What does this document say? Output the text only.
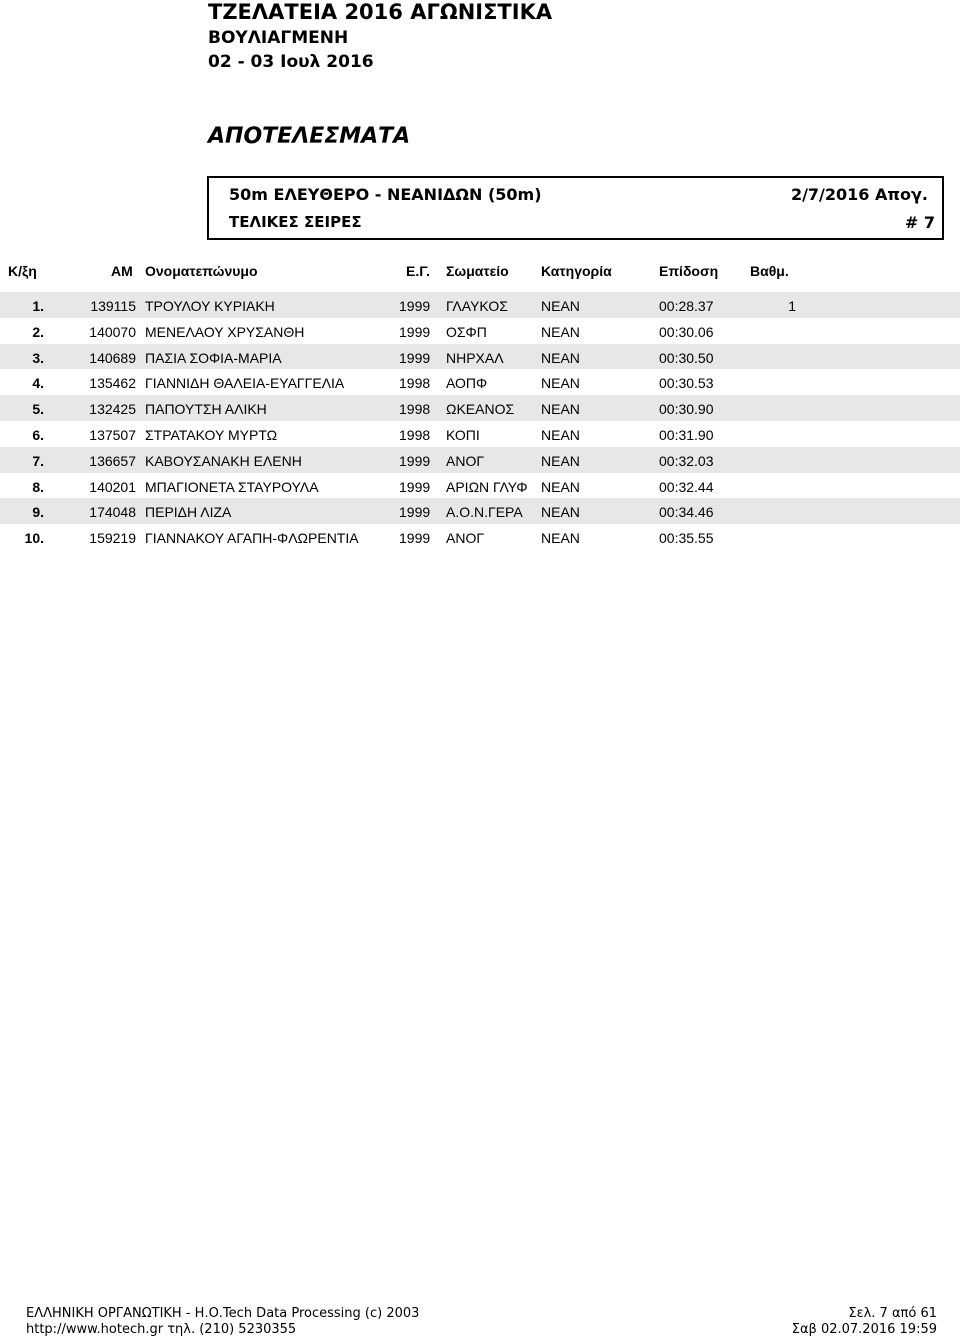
ΤΖΕΛΑΤΕΙΑ 2016 ΑΓΩΝΙΣΤΙΚΑ
ΒΟΥΛΙΑΓΜΕΝΗ
02 - 03 Ιουλ 2016
ΑΠΟΤΕΛΕΣΜΑΤΑ
50m ΕΛΕΥΘΕΡΟ - ΝΕΑΝΙΔΩΝ (50m)	2/7/2016 Απογ.
ΤΕΛΙΚΕΣ ΣΕΙΡΕΣ	# 7
Κ/ξη	ΑΜ Ονοματεπώνυμο	Ε.Γ. Σωματείο Κατηγορία	Επίδοση Βαθμ.
1.	139115 ΤΡΟΥΛΟΥ ΚΥΡΙΑΚΗ	1999 ΓΛΑΥΚΟΣ ΝΕΑΝ	00:28.37	1
2.	140070 ΜΕΝΕΛΑΟΥ ΧΡΥΣΑΝΘΗ	1999 ΟΣΦΠ	ΝΕΑΝ	00:30.06
3.	140689 ΠΑΣΙΑ ΣΟΦΙΑ-ΜΑΡΙΑ	1999 ΝΗΡΧΑΛ	ΝΕΑΝ	00:30.50
4.	135462 ΓΙΑΝΝΙΔΗ ΘΑΛΕΙΑ-ΕΥΑΓΓΕΛΙΑ	1998 ΑΟΠΦ	ΝΕΑΝ	00:30.53
5.	132425 ΠΑΠΟΥΤΣΗ ΑΛΙΚΗ	1998 ΩΚΕΑΝΟΣ ΝΕΑΝ	00:30.90
6.	137507 ΣΤΡΑΤΑΚΟΥ ΜΥΡΤΩ	1998 ΚΟΠΙ	ΝΕΑΝ	00:31.90
7.	136657 ΚΑΒΟΥΣΑΝΑΚΗ ΕΛΕΝΗ	1999 ΑΝΟΓ	ΝΕΑΝ	00:32.03
8.	140201 ΜΠΑΓΙΟΝΕΤΑ ΣΤΑΥΡΟΥΛΑ	1999 ΑΡΙΩΝ ΓΛΥΦ ΝΕΑΝ	00:32.44
9.	174048 ΠΕΡΙΔΗ ΛΙΖΑ	1999 Α.Ο.Ν.ΓΕΡΑ ΝΕΑΝ	00:34.46
10.	159219 ΓΙΑΝΝΑΚΟΥ ΑΓΑΠΗ-ΦΛΩΡΕΝΤΙΑ	1999 ΑΝΟΓ	ΝΕΑΝ	00:35.55
ΕΛΛΗΝΙΚΗ ΟΡΓΑΝΩΤΙΚΗ - Η.Ο.Tech Data Processing (c) 2003
http://www.hotech.gr τηλ. (210) 5230355
Σελ. 7 από 61
Σαβ 02.07.2016 19:59
